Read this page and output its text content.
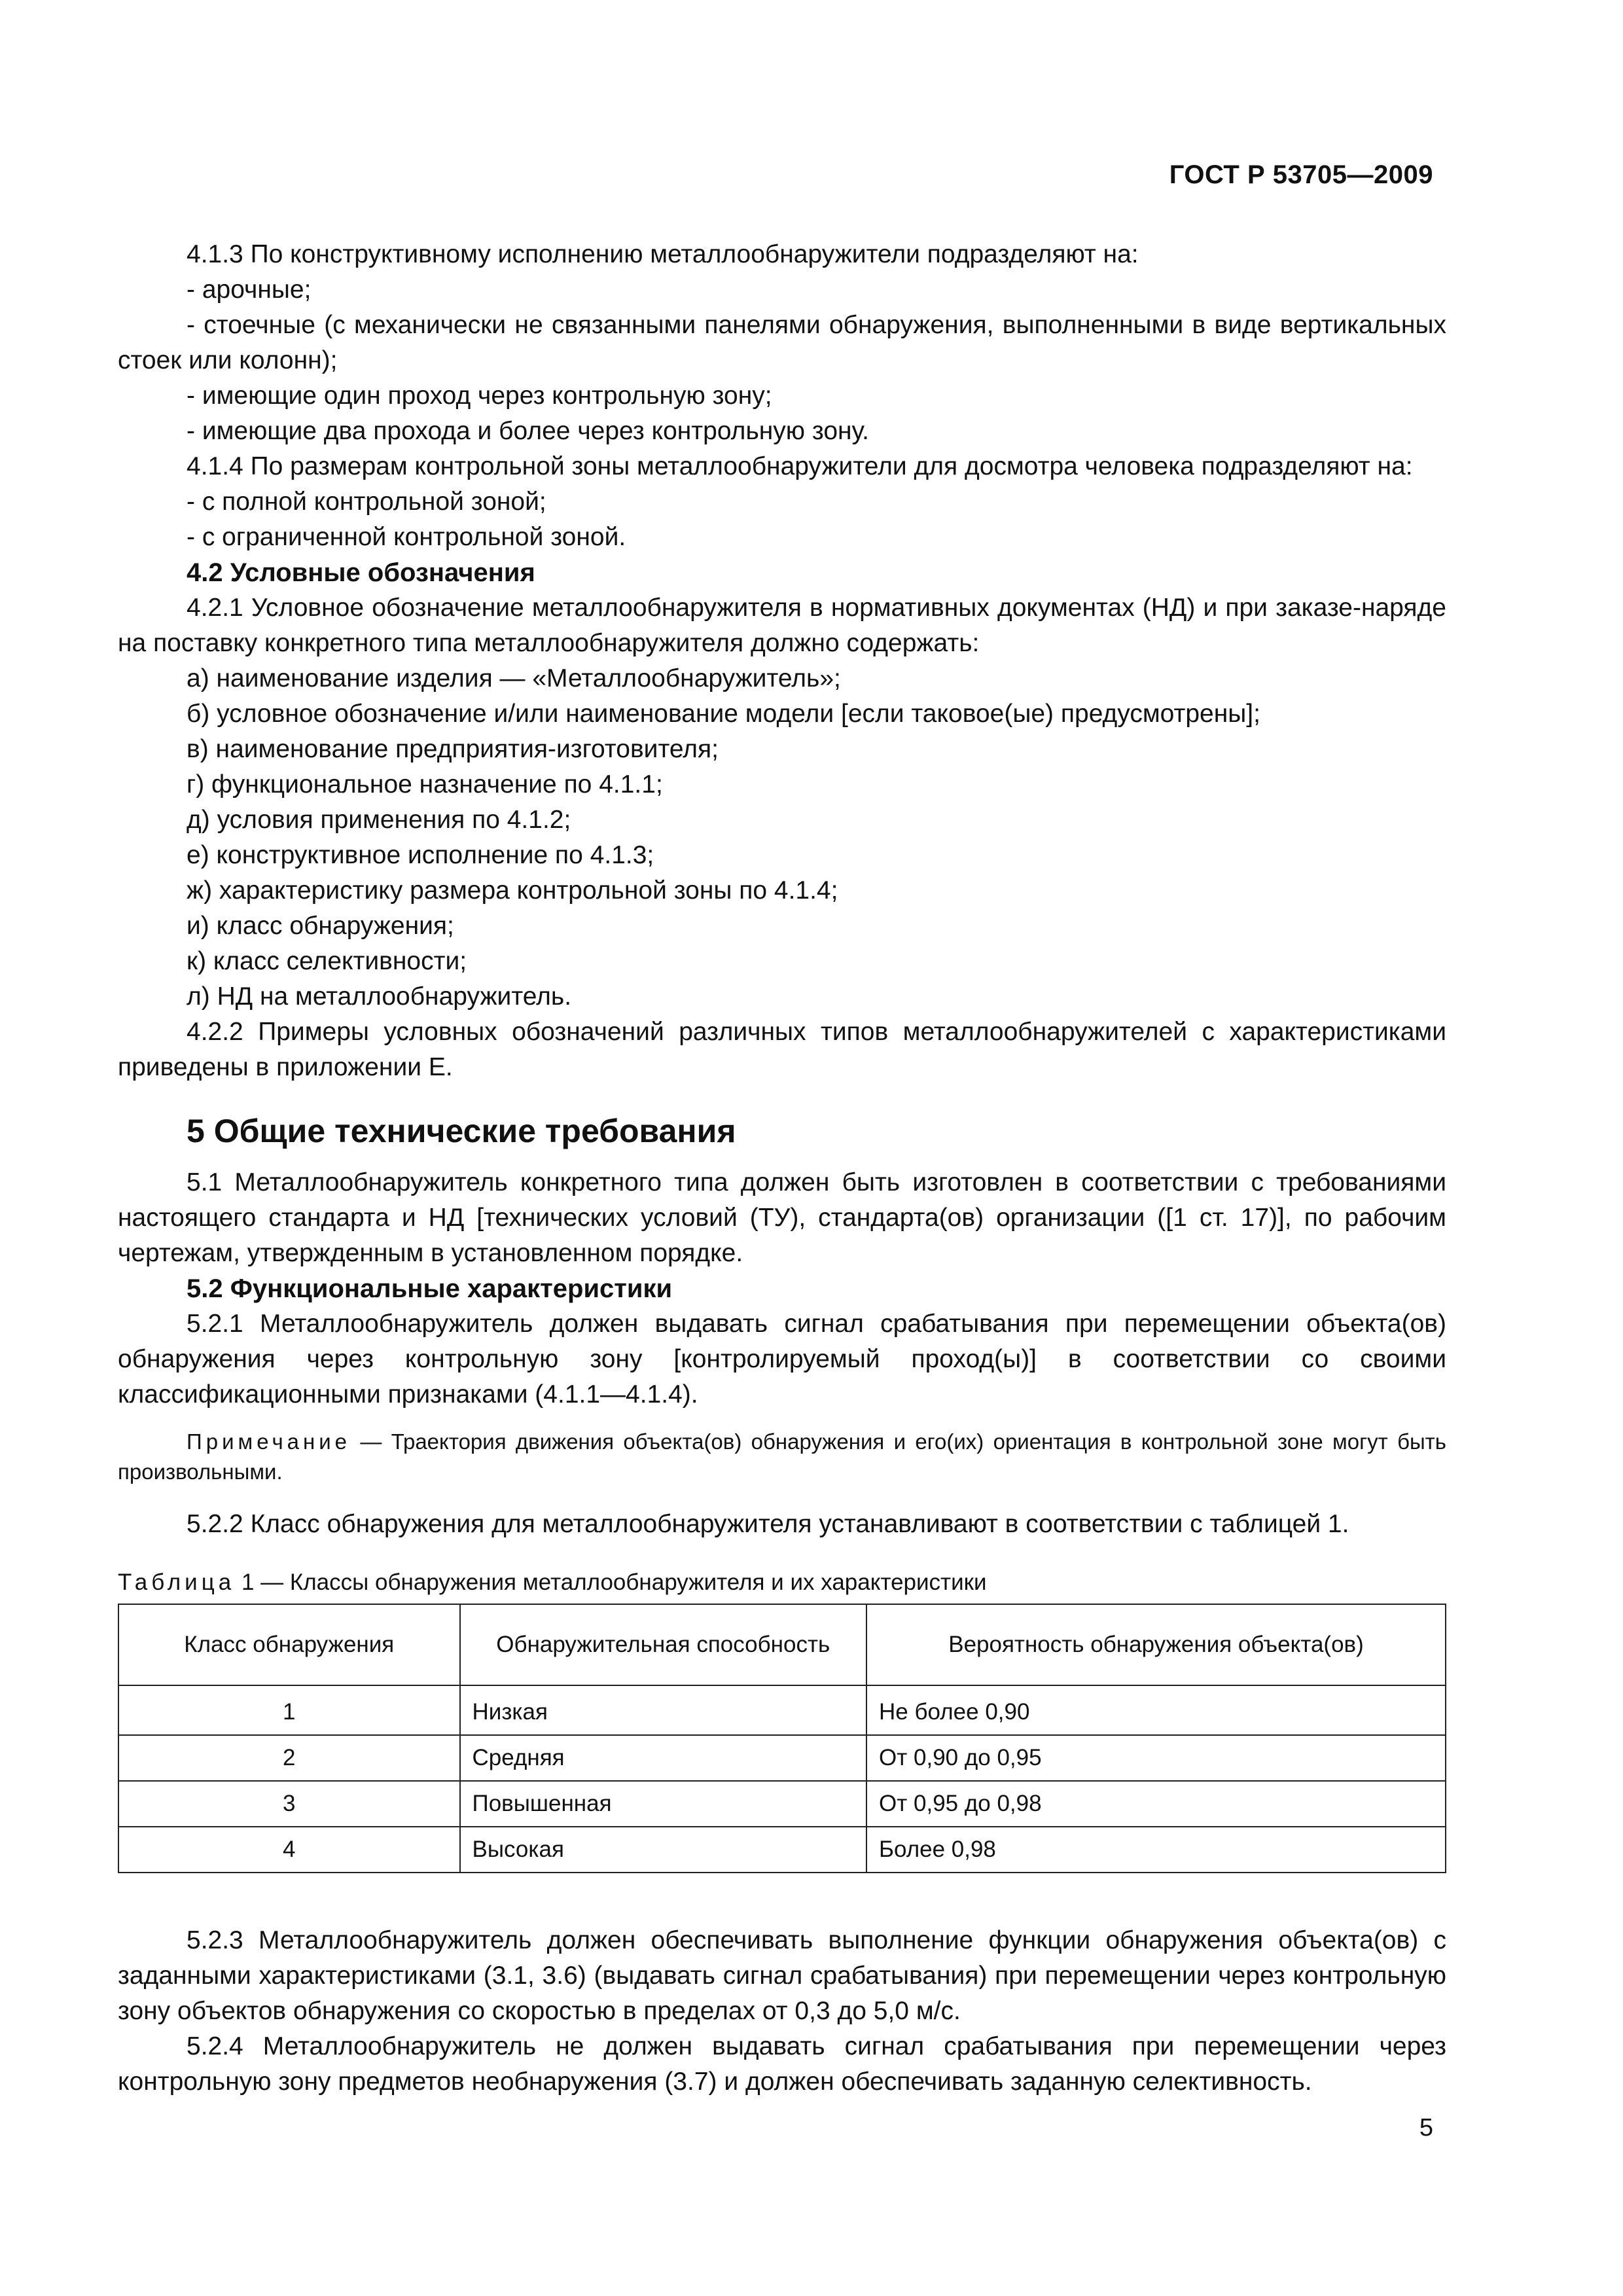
ГОСТ Р 53705—2009

4.1.3 По конструктивному исполнению металлообнаружители подразделяют на:

- арочные;

- стоечные (с механически не связанными панелями обнаружения, выполненными в виде вертикальных стоек или колонн);

- имеющие один проход через контрольную зону;

- имеющие два прохода и более через контрольную зону.

4.1.4 По размерам контрольной зоны металлообнаружители для досмотра человека подразделяют на:

- с полной контрольной зоной;

- с ограниченной контрольной зоной.

4.2 Условные обозначения

4.2.1 Условное обозначение металлообнаружителя в нормативных документах (НД) и при заказе-наряде на поставку конкретного типа металлообнаружителя должно содержать:

а) наименование изделия — «Металлообнаружитель»;

б) условное обозначение и/или наименование модели [если таковое(ые) предусмотрены];

в) наименование предприятия-изготовителя;

г) функциональное назначение по 4.1.1;

д) условия применения по 4.1.2;

е) конструктивное исполнение по 4.1.3;

ж) характеристику размера контрольной зоны по 4.1.4;

и) класс обнаружения;

к) класс селективности;

л) НД на металлообнаружитель.

4.2.2 Примеры условных обозначений различных типов металлообнаружителей с характеристиками приведены в приложении Е.

5 Общие технические требования

5.1 Металлообнаружитель конкретного типа должен быть изготовлен в соответствии с требованиями настоящего стандарта и НД [технических условий (ТУ), стандарта(ов) организации ([1 ст. 17)], по рабочим чертежам, утвержденным в установленном порядке.

5.2 Функциональные характеристики

5.2.1 Металлообнаружитель должен выдавать сигнал срабатывания при перемещении объекта(ов) обнаружения через контрольную зону [контролируемый проход(ы)] в соответствии со своими классификационными признаками (4.1.1—4.1.4).

Примечание — Траектория движения объекта(ов) обнаружения и его(их) ориентация в контрольной зоне могут быть произвольными.

5.2.2 Класс обнаружения для металлообнаружителя устанавливают в соответствии с таблицей 1.

Таблица 1 — Классы обнаружения металлообнаружителя и их характеристики

Класс обнаружения	Обнаружительная способность	Вероятность обнаружения объекта(ов)
1	Низкая	Не более 0,90
2	Средняя	От 0,90 до 0,95
3	Повышенная	От 0,95 до 0,98
4	Высокая	Более 0,98

5.2.3 Металлообнаружитель должен обеспечивать выполнение функции обнаружения объекта(ов) с заданными характеристиками (3.1, 3.6) (выдавать сигнал срабатывания) при перемещении через контрольную зону объектов обнаружения со скоростью в пределах от 0,3 до 5,0 м/с.

5.2.4 Металлообнаружитель не должен выдавать сигнал срабатывания при перемещении через контрольную зону предметов необнаружения (3.7) и должен обеспечивать заданную селективность.

5
